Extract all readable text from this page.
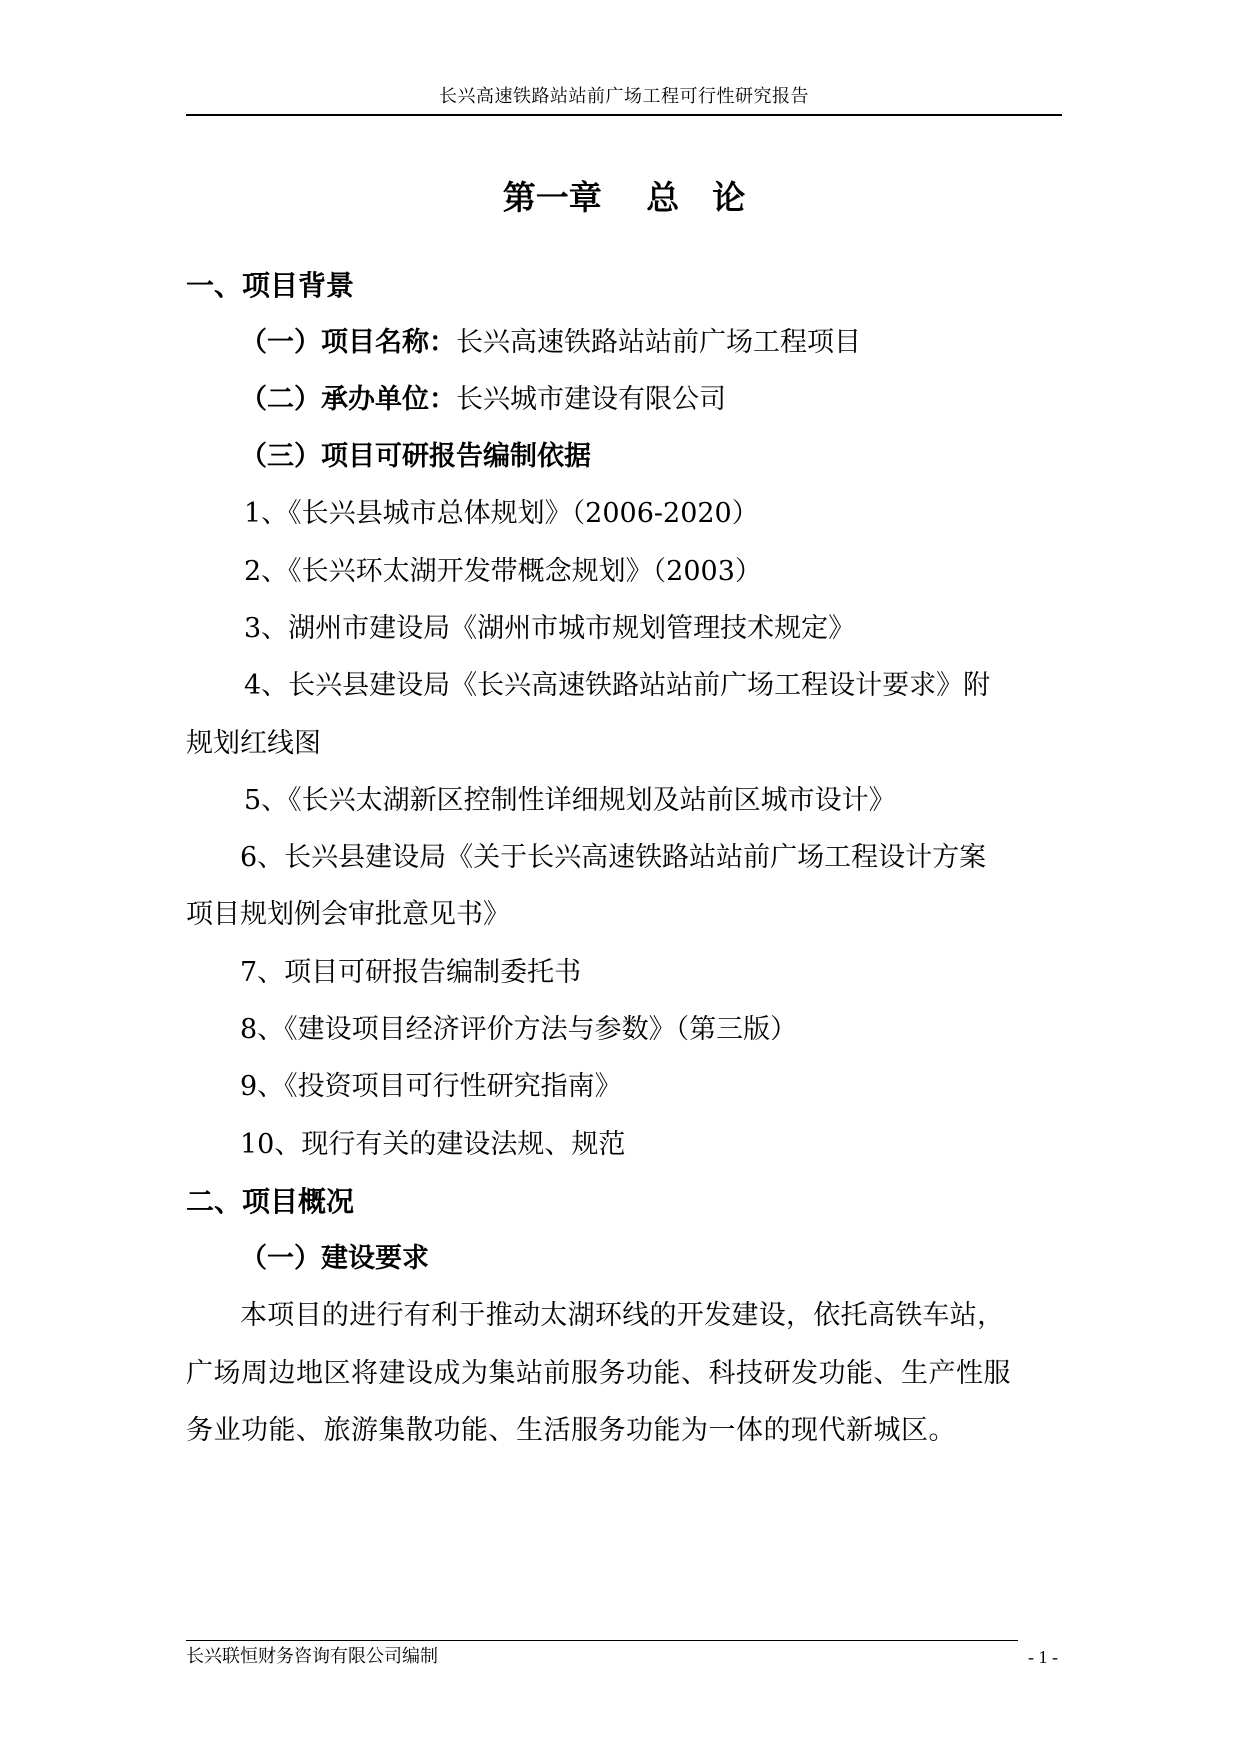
长兴高速铁路站站前广场工程可行性研究报告
第一章　 总　论
一、项目背景
（一）项目名称：长兴高速铁路站站前广场工程项目
（二）承办单位：长兴城市建设有限公司
（三）项目可研报告编制依据
1、《长兴县城市总体规划》（2006-2020）
2、《长兴环太湖开发带概念规划》（2003）
3、湖州市建设局《湖州市城市规划管理技术规定》
4、长兴县建设局《长兴高速铁路站站前广场工程设计要求》附
规划红线图
5、《长兴太湖新区控制性详细规划及站前区城市设计》
6、长兴县建设局《关于长兴高速铁路站站前广场工程设计方案
项目规划例会审批意见书》
7、项目可研报告编制委托书
8、《建设项目经济评价方法与参数》（第三版）
9、《投资项目可行性研究指南》
10、现行有关的建设法规、规范
二、项目概况
（一）建设要求
本项目的进行有利于推动太湖环线的开发建设，依托高铁车站，
广场周边地区将建设成为集站前服务功能、科技研发功能、生产性服
务业功能、旅游集散功能、生活服务功能为一体的现代新城区。
长兴联恒财务咨询有限公司编制	- 1 -
